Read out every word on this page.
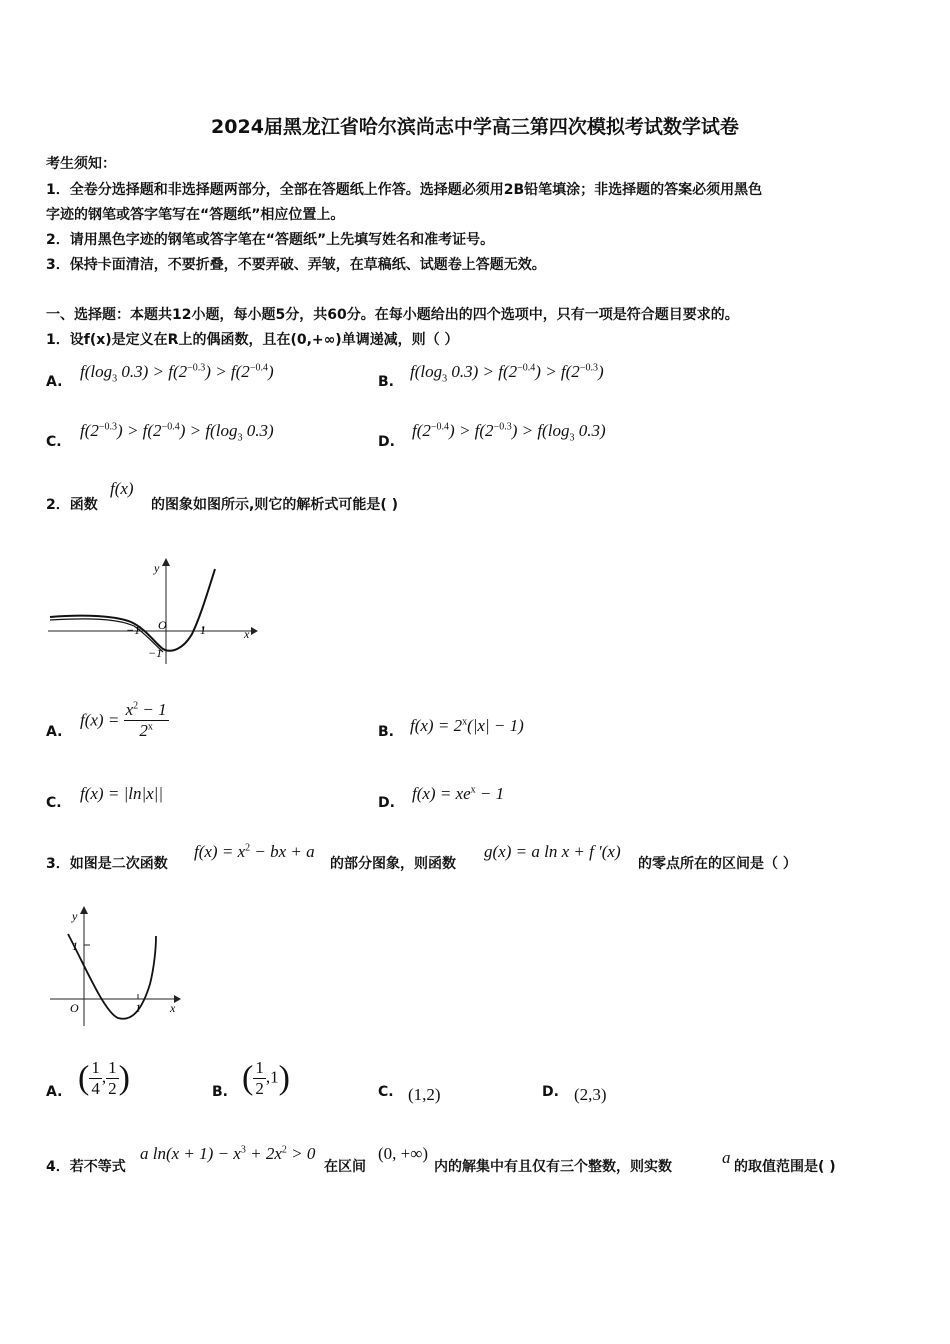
2024届黑龙江省哈尔滨尚志中学高三第四次模拟考试数学试卷
考生须知：
1．全卷分选择题和非选择题两部分，全部在答题纸上作答。选择题必须用2B铅笔填涂；非选择题的答案必须用黑色
字迹的钢笔或答字笔写在“答题纸”相应位置上。
2．请用黑色字迹的钢笔或答字笔在“答题纸”上先填写姓名和准考证号。
3．保持卡面清洁，不要折叠，不要弄破、弄皱，在草稿纸、试题卷上答题无效。
一、选择题：本题共12小题，每小题5分，共60分。在每小题给出的四个选项中，只有一项是符合题目要求的。
1．设f(x)是定义在R上的偶函数，且在(0,+∞)单调递减，则（ ）
A.
$f(\log_3$ $0.3) > f(2^{-0.3}) > f(2^{-0.4})$
B.
$f(\log_3$ $0.3) > f(2^{-0.4}) > f(2^{-0.3})$
C.
$f(2^{-0.3}) > f(2^{-0.4}) > f(\log_3$ 0.3)
D.
$f(2^{-0.4}) > f(2^{-0.3}) > f(\log_3$ 0.3)
2．函数
f(x)
的图象如图所示,则它的解析式可能是( )
y
x
O
−1	1
−1
A.
$f(x) = \frac{x^2 - 1}{2^x}$	B. $f(x) = 2^x(|x| - 1)$
C. f(x) = |ln|x||	D. $f(x) = xe^x - 1$
3．如图是二次函数
$f(x) = x^2$ − bx + a
的部分图象，则函数
g(x) = a ln x + f ′(x)
的零点所在的区间是（ ）
y
x
O
1
1
A. ( $\frac{1}{4}$ , $\frac{1}{2}$ )	B. ( $\frac{1}{2} ,1$)	C. (1,2)	D. (2,3)
4．若不等式
a $\ln(x + 1) - x^3 + 2x^2 > 0$
在区间
(0, +∞)
内的解集中有且仅有三个整数，则实数	a 的取值范围是( )
